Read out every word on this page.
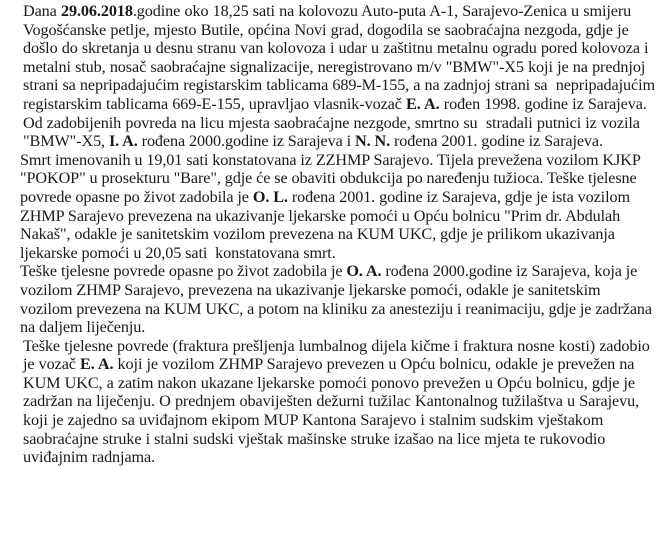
Dana 29.06.2018.godine oko 18,25 sati na kolovozu Auto-puta A-1, Sarajevo-Zenica u smijeru
Vogošćanske petlje, mjesto Butile, općina Novi grad, dogodila se saobraćajna nezgoda, gdje je
došlo do skretanja u desnu stranu van kolovoza i udar u zaštitnu metalnu ogradu pored kolovoza i
metalni stub, nosač saobraćajne signalizacije, neregistrovano m/v "BMW"-X5 koji je na prednjoj
strani sa nepripadajućim registarskim tablicama 689-M-155, a na zadnjoj strani sa  nepripadajućim
registarskim tablicama 669-E-155, upravljao vlasnik-vozač E. A. rođen 1998. godine iz Sarajeva.
Od zadobijenih povreda na licu mjesta saobraćajne nezgode, smrtno su  stradali putnici iz vozila
"BMW"-X5, I. A. rođena 2000.godine iz Sarajeva i N. N. rođena 2001. godine iz Sarajeva.
Smrt imenovanih u 19,01 sati konstatovana iz ZZHMP Sarajevo. Tijela prevežena vozilom KJKP
"POKOP" u prosekturu "Bare", gdje će se obaviti obdukcija po naređenju tužioca. Teške tjelesne
povrede opasne po život zadobila je O. L. rođena 2001. godine iz Sarajeva, gdje je ista vozilom
ZHMP Sarajevo prevezena na ukazivanje ljekarske pomoći u Opću bolnicu "Prim dr. Abdulah
Nakaš", odakle je sanitetskim vozilom prevezena na KUM UKC, gdje je prilikom ukazivanja
ljekarske pomoći u 20,05 sati  konstatovana smrt.
Teške tjelesne povrede opasne po život zadobila je O. A. rođena 2000.godine iz Sarajeva, koja je
vozilom ZHMP Sarajevo, prevezena na ukazivanje ljekarske pomoći, odakle je sanitetskim
vozilom prevezena na KUM UKC, a potom na kliniku za anesteziju i reanimaciju, gdje je zadržana
na daljem liječenju.
Teške tjelesne povrede (fraktura prešljenja lumbalnog dijela kičme i fraktura nosne kosti) zadobio
je vozač E. A. koji je vozilom ZHMP Sarajevo prevezen u Opću bolnicu, odakle je prevežen na
KUM UKC, a zatim nakon ukazane ljekarske pomoći ponovo prevežen u Opću bolnicu, gdje je
zadržan na liječenju. O prednjem obaviješten dežurni tužilac Kantonalnog tužilaštva u Sarajevu,
koji je zajedno sa uviđajnom ekipom MUP Kantona Sarajevo i stalnim sudskim vještakom
saobraćajne struke i stalni sudski vještak mašinske struke izašao na lice mjeta te rukovodio
uviđajnim radnjama.
